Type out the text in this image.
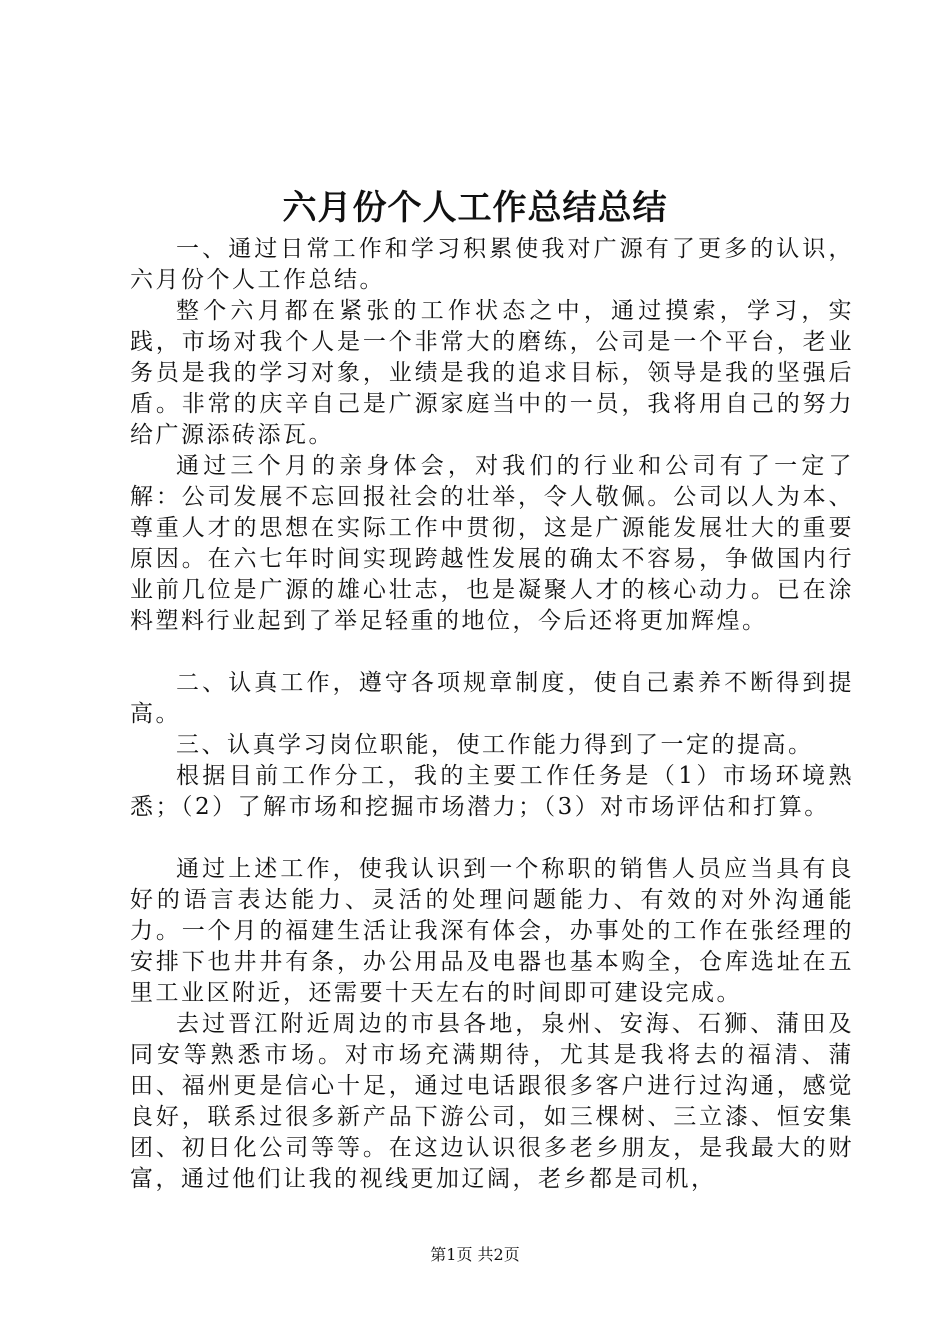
六月份个人工作总结总结

一、通过日常工作和学习积累使我对广源有了更多的认识，六月份个人工作总结。

整个六月都在紧张的工作状态之中，通过摸索，学习，实践，市场对我个人是一个非常大的磨练，公司是一个平台，老业务员是我的学习对象，业绩是我的追求目标，领导是我的坚强后盾。非常的庆辛自己是广源家庭当中的一员，我将用自己的努力给广源添砖添瓦。

通过三个月的亲身体会，对我们的行业和公司有了一定了解：公司发展不忘回报社会的壮举，令人敬佩。公司以人为本、尊重人才的思想在实际工作中贯彻，这是广源能发展壮大的重要原因。在六七年时间实现跨越性发展的确太不容易，争做国内行业前几位是广源的雄心壮志，也是凝聚人才的核心动力。已在涂料塑料行业起到了举足轻重的地位，今后还将更加辉煌。

二、认真工作，遵守各项规章制度，使自己素养不断得到提高。

三、认真学习岗位职能，使工作能力得到了一定的提高。

根据目前工作分工，我的主要工作任务是（1）市场环境熟悉；（2）了解市场和挖掘市场潜力；（3）对市场评估和打算。

通过上述工作，使我认识到一个称职的销售人员应当具有良好的语言表达能力、灵活的处理问题能力、有效的对外沟通能力。一个月的福建生活让我深有体会，办事处的工作在张经理的安排下也井井有条，办公用品及电器也基本购全，仓库选址在五里工业区附近，还需要十天左右的时间即可建设完成。

去过晋江附近周边的市县各地，泉州、安海、石狮、蒲田及同安等熟悉市场。对市场充满期待，尤其是我将去的福清、蒲田、福州更是信心十足，通过电话跟很多客户进行过沟通，感觉良好，联系过很多新产品下游公司，如三棵树、三立漆、恒安集团、初日化公司等等。在这边认识很多老乡朋友，是我最大的财富，通过他们让我的视线更加辽阔，老乡都是司机，

第1页 共2页
